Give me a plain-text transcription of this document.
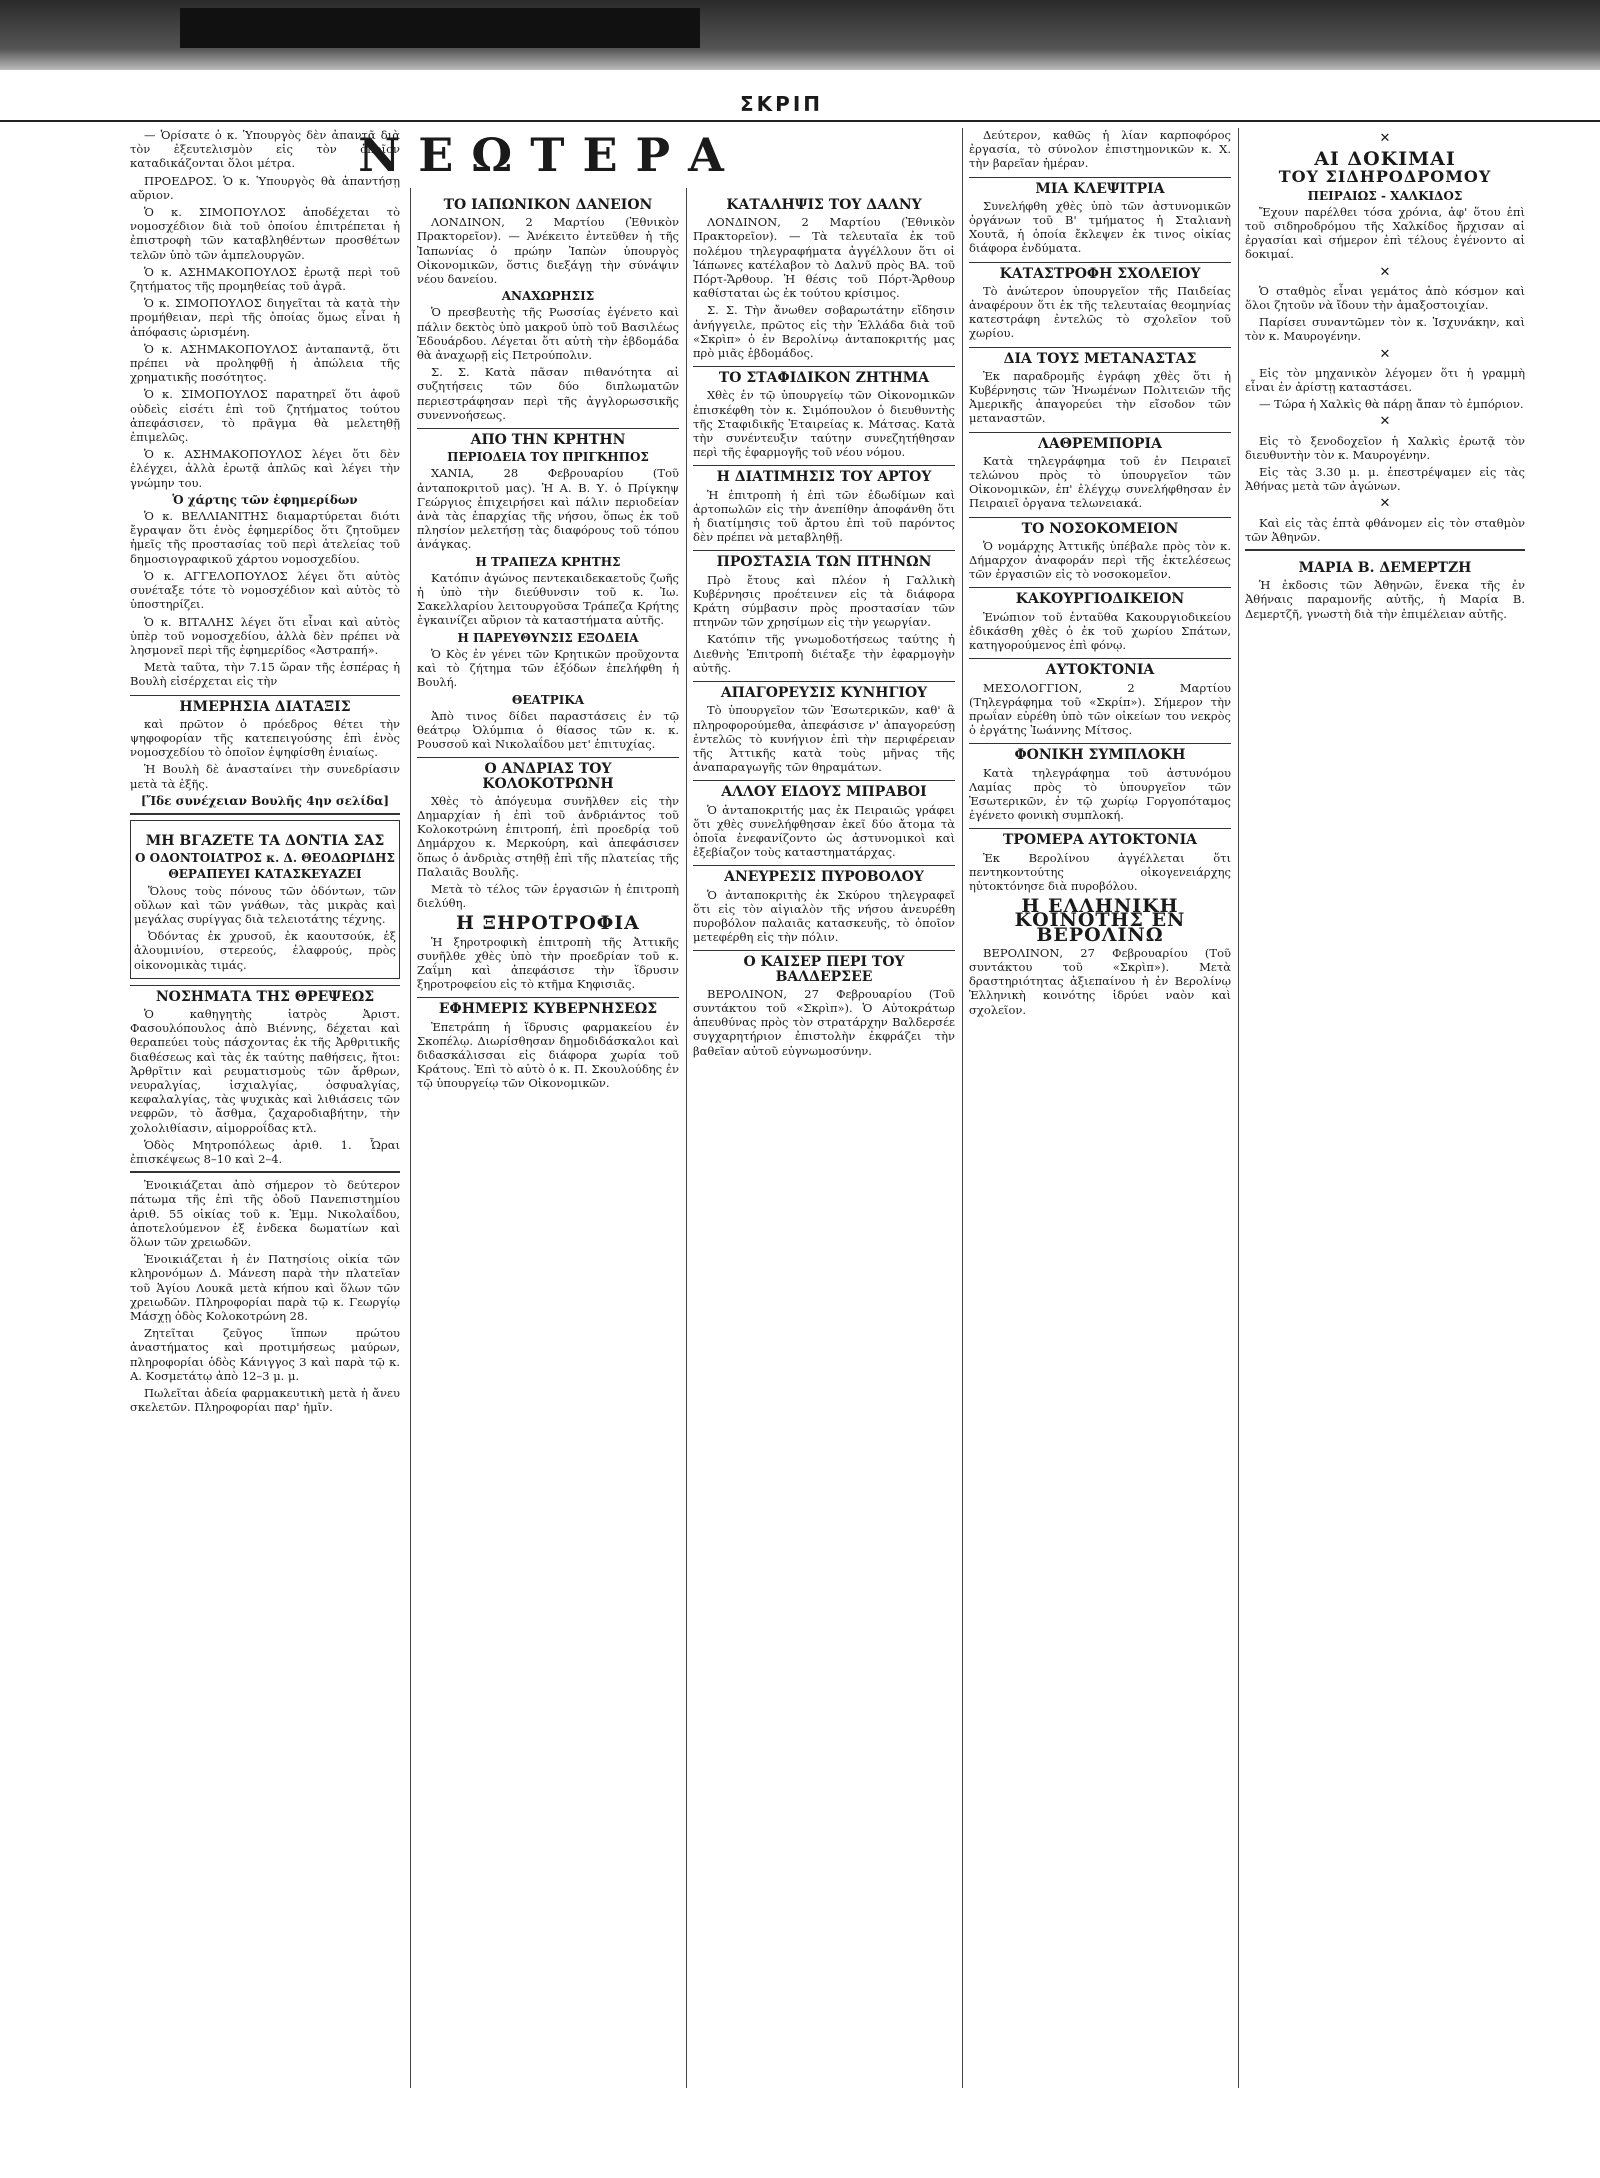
ΣΚΡΙΠ

— Ὁρίσατε ὁ κ. Ὑπουργὸς δὲν ἀπαντᾷ διὰ τὸν ἐξευτελισμὸν εἰς τὸν ὁποῖον καταδικάζονται ὅλοι μέτρα.

ΠΡΟΕΔΡΟΣ. Ὁ κ. Ὑπουργὸς θὰ ἀπαντήσῃ αὔριον.

Ὁ κ. ΣΙΜΟΠΟΥΛΟΣ ἀποδέχεται τὸ νομοσχέδιον διὰ τοῦ ὁποίου ἐπιτρέπεται ἡ ἐπιστροφὴ τῶν καταβληθέντων προσθέτων τελῶν ὑπὸ τῶν ἀμπελουργῶν.

Ὁ κ. ΑΣΗΜΑΚΟΠΟΥΛΟΣ ἐρωτᾷ περὶ τοῦ ζητήματος τῆς προμηθείας τοῦ ἀγρᾶ.

Ὁ κ. ΣΙΜΟΠΟΥΛΟΣ διηγεῖται τὰ κατὰ τὴν προμήθειαν, περὶ τῆς ὁποίας ὅμως εἶναι ἡ ἀπόφασις ὡρισμένη.

Ὁ κ. ΑΣΗΜΑΚΟΠΟΥΛΟΣ ἀνταπαντᾷ, ὅτι πρέπει νὰ προληφθῇ ἡ ἀπώλεια τῆς χρηματικῆς ποσότητος.

Ὁ κ. ΣΙΜΟΠΟΥΛΟΣ παρατηρεῖ ὅτι ἀφοῦ οὐδεὶς εἰσέτι ἐπὶ τοῦ ζητήματος τούτου ἀπεφάσισεν, τὸ πρᾶγμα θὰ μελετηθῇ ἐπιμελῶς.

Ὁ κ. ΑΣΗΜΑΚΟΠΟΥΛΟΣ λέγει ὅτι δὲν ἐλέγχει, ἀλλὰ ἐρωτᾷ ἁπλῶς καὶ λέγει τὴν γνώμην του.

Ὁ χάρτης τῶν ἐφημερίδων

Ὁ κ. ΒΕΛΛΙΑΝΙΤΗΣ διαμαρτύρεται διότι ἔγραψαν ὅτι ἑνὸς ἐφημερίδος ὅτι ζητοῦμεν ἡμεῖς τῆς προστασίας τοῦ περὶ ἀτελείας τοῦ δημοσιογραφικοῦ χάρτου νομοσχεδίου.

Ὁ κ. ΑΓΓΕΛΟΠΟΥΛΟΣ λέγει ὅτι αὐτὸς συνέταξε τότε τὸ νομοσχέδιον καὶ αὐτὸς τὸ ὑποστηρίζει.

Ὁ κ. ΒΙΤΑΛΗΣ λέγει ὅτι εἶναι καὶ αὐτὸς ὑπὲρ τοῦ νομοσχεδίου, ἀλλὰ δὲν πρέπει νὰ λησμονεῖ περὶ τῆς ἐφημερίδος «Ἀστραπή».

Μετὰ ταῦτα, τὴν 7.15 ὥραν τῆς ἑσπέρας ἡ Βουλὴ εἰσέρχεται εἰς τὴν

ΗΜΕΡΗΣΙΑ ΔΙΑΤΑΞΙΣ

καὶ πρῶτον ὁ πρόεδρος θέτει τὴν ψηφοφορίαν τῆς κατεπειγούσης ἐπὶ ἑνὸς νομοσχεδίου τὸ ὁποῖον ἐψηφίσθη ἐνιαίως.

Ἡ Βουλὴ δὲ ἀνασταίνει τὴν συνεδρίασιν μετὰ τὰ ἐξῆς.

[Ἴδε συνέχειαν Βουλῆς 4ην σελίδα]
ΜΗ ΒΓΑΖΕΤΕ ΤΑ ΔΟΝΤΙΑ ΣΑΣ
Ο ΟΔΟΝΤΟΙΑΤΡΟΣ κ. Δ. ΘΕΟΔΩΡΙΔΗΣ
ΘΕΡΑΠΕΥΕΙ ΚΑΤΑΣΚΕΥΑΖΕΙ

Ὅλους τοὺς πόνους τῶν ὀδόντων, τῶν οὔλων καὶ τῶν γνάθων, τὰς μικρὰς καὶ μεγάλας συρίγγας διὰ τελειοτάτης τέχνης.

Ὀδόντας ἐκ χρυσοῦ, ἐκ καουτσούκ, ἐξ ἀλουμινίου, στερεούς, ἐλαφρούς, πρὸς οἰκονομικὰς τιμάς.

ΝΟΣΗΜΑΤΑ ΤΗΣ ΘΡΕΨΕΩΣ

Ὁ καθηγητὴς ἰατρὸς Ἀριστ. Φασουλόπουλος ἀπὸ Βιέννης, δέχεται καὶ θεραπεύει τοὺς πάσχοντας ἐκ τῆς Ἀρθριτικῆς διαθέσεως καὶ τὰς ἐκ ταύτης παθήσεις, ἤτοι: Ἀρθρῖτιν καὶ ρευματισμοὺς τῶν ἄρθρων, νευραλγίας, ἰσχιαλγίας, ὀσφυαλγίας, κεφαλαλγίας, τὰς ψυχικὰς καὶ λιθιάσεις τῶν νεφρῶν, τὸ ἄσθμα, ζαχαροδιαβήτην, τὴν χολολιθίασιν, αἱμορροΐδας κτλ.

Ὁδὸς Μητροπόλεως ἀριθ. 1. Ὧραι ἐπισκέψεως 8–10 καὶ 2–4.

Ἐνοικιάζεται ἀπὸ σήμερον τὸ δεύτερον πάτωμα τῆς ἐπὶ τῆς ὁδοῦ Πανεπιστημίου ἀριθ. 55 οἰκίας τοῦ κ. Ἐμμ. Νικολαΐδου, ἀποτελούμενον ἐξ ἐνδεκα δωματίων καὶ ὅλων τῶν χρειωδῶν.

Ἐνοικιάζεται ἡ ἐν Πατησίοις οἰκία τῶν κληρονόμων Δ. Μάνεση παρὰ τὴν πλατεῖαν τοῦ Ἁγίου Λουκᾶ μετὰ κήπου καὶ ὅλων τῶν χρειωδῶν. Πληροφορίαι παρὰ τῷ κ. Γεωργίῳ Μάσχῃ ὁδὸς Κολοκοτρώνη 28.

Ζητεῖται ζεῦγος ἵππων πρώτου ἀναστήματος καὶ προτιμήσεως μαύρων, πληροφορίαι ὁδὸς Κάνιγγος 3 καὶ παρὰ τῷ κ. Α. Κοσμετάτῳ ἀπὸ 12–3 μ. μ.

Πωλεῖται ἀδεία φαρμακευτικὴ μετὰ ἡ ἄνευ σκελετῶν. Πληροφορίαι παρ' ἡμῖν.

ΤΟ ΙΑΠΩΝΙΚΟΝ ΔΑΝΕΙΟΝ

ΛΟΝΔΙΝΟΝ, 2 Μαρτίου (Ἐθνικὸν Πρακτορεῖον). — Ἀνέκειτο ἐντεῦθεν ἡ τῆς Ἰαπωνίας ὁ πρώην Ἰαπὼν ὑπουργὸς Οἰκονομικῶν, ὅστις διεξάγῃ τὴν σύνάψιν νέου δανείου.

ΑΝΑΧΩΡΗΣΙΣ

Ὁ πρεσβευτὴς τῆς Ρωσσίας ἐγένετο καὶ πάλιν δεκτὸς ὑπὸ μακροῦ ὑπὸ τοῦ Βασιλέως Ἐδουάρδου. Λέγεται ὅτι αὐτὴ τὴν ἑβδομάδα θὰ ἀναχωρῇ εἰς Πετρούπολιν.

Σ. Σ. Κατὰ πᾶσαν πιθανότητα αἱ συζητήσεις τῶν δύο διπλωματῶν περιεστράφησαν περὶ τῆς ἀγγλορωσσικῆς συνεννοήσεως.

ΑΠΟ ΤΗΝ ΚΡΗΤΗΝ
ΠΕΡΙΟΔΕΙΑ ΤΟΥ ΠΡΙΓΚΗΠΟΣ

ΧΑΝΙΑ, 28 Φεβρουαρίου (Τοῦ ἀνταποκριτοῦ μας). Ἡ Α. Β. Υ. ὁ Πρίγκηψ Γεώργιος ἐπιχειρήσει καὶ πάλιν περιοδείαν ἀνὰ τὰς ἐπαρχίας τῆς νήσου, ὅπως ἐκ τοῦ πλησίον μελετήσῃ τὰς διαφόρους τοῦ τόπου ἀνάγκας.

Η ΤΡΑΠΕΖΑ ΚΡΗΤΗΣ

Κατόπιν ἀγώνος πεντεκαιδεκαετοῦς ζωῆς ἡ ὑπὸ τὴν διεύθυνσιν τοῦ κ. Ἰω. Σακελλαρίου λειτουργοῦσα Τράπεζα Κρήτης ἐγκαινίζει αὔριον τὰ καταστήματα αὐτῆς.

Η ΠΑΡΕΥΘΥΝΣΙΣ ΕΞΟΔΕΙΑ

Ὁ Κὸς ἐν γένει τῶν Κρητικῶν προῦχοντα καὶ τὸ ζήτημα τῶν ἐξόδων ἐπελήφθη ἡ Βουλή.

ΘΕΑΤΡΙΚΑ

Ἀπὸ τινος δίδει παραστάσεις ἐν τῷ θεάτρῳ Ὀλύμπια ὁ θίασος τῶν κ. κ. Ρουσσοῦ καὶ Νικολαΐδου μετ' ἐπιτυχίας.

Ο ΑΝΔΡΙΑΣ ΤΟΥ ΚΟΛΟΚΟΤΡΩΝΗ

Χθὲς τὸ ἀπόγευμα συνῆλθεν εἰς τὴν Δημαρχίαν ἡ ἐπὶ τοῦ ἀνδριάντος τοῦ Κολοκοτρώνη ἐπιτροπή, ἐπὶ προεδρίᾳ τοῦ Δημάρχου κ. Μερκούρη, καὶ ἀπεφάσισεν ὅπως ὁ ἀνδριὰς στηθῇ ἐπὶ τῆς πλατείας τῆς Παλαιᾶς Βουλῆς.

Μετὰ τὸ τέλος τῶν ἐργασιῶν ἡ ἐπιτροπὴ διελύθη.

Η ΞΗΡΟΤΡΟΦΙΑ

Ἡ ξηροτροφικὴ ἐπιτροπὴ τῆς Ἀττικῆς συνῆλθε χθὲς ὑπὸ τὴν προεδρίαν τοῦ κ. Ζαΐμη καὶ ἀπεφάσισε τὴν ἵδρυσιν ξηροτροφείου εἰς τὸ κτῆμα Κηφισιᾶς.

ΕΦΗΜΕΡΙΣ ΚΥΒΕΡΝΗΣΕΩΣ

Ἐπετράπη ἡ ἵδρυσις φαρμακείου ἐν Σκοπέλῳ. Διωρίσθησαν δημοδιδάσκαλοι καὶ διδασκάλισσαι εἰς διάφορα χωρία τοῦ Κράτους. Ἐπὶ τὸ αὐτὸ ὁ κ. Π. Σκουλούδης ἐν τῷ ὑπουργείῳ τῶν Οἰκονομικῶν.

ΚΑΤΑΛΗΨΙΣ ΤΟΥ ΔΑΛΝΥ

ΛΟΝΔΙΝΟΝ, 2 Μαρτίου (Ἐθνικὸν Πρακτορεῖον). — Τὰ τελευταῖα ἐκ τοῦ πολέμου τηλεγραφήματα ἀγγέλλουν ὅτι οἱ Ἰάπωνες κατέλαβον τὸ Δαλνῦ πρὸς ΒΑ. τοῦ Πόρτ-Ἄρθουρ. Ἡ θέσις τοῦ Πόρτ-Ἄρθουρ καθίσταται ὡς ἐκ τούτου κρίσιμος.

Σ. Σ. Τὴν ἄνωθεν σοβαρωτάτην εἴδησιν ἀνήγγειλε, πρῶτος εἰς τὴν Ἑλλάδα διὰ τοῦ «Σκρὶπ» ὁ ἐν Βερολίνῳ ἀνταποκριτής μας πρὸ μιᾶς ἑβδομάδος.

ΤΟ ΣΤΑΦΙΔΙΚΟΝ ΖΗΤΗΜΑ

Χθὲς ἐν τῷ ὑπουργείῳ τῶν Οἰκονομικῶν ἐπισκέφθη τὸν κ. Σιμόπουλον ὁ διευθυντὴς τῆς Σταφιδικῆς Ἐταιρείας κ. Μάτσας. Κατὰ τὴν συνέντευξιν ταύτην συνεζητήθησαν περὶ τῆς ἐφαρμογῆς τοῦ νέου νόμου.

Η ΔΙΑΤΙΜΗΣΙΣ ΤΟΥ ΑΡΤΟΥ

Ἡ ἐπιτροπὴ ἡ ἐπὶ τῶν ἐδωδίμων καὶ ἀρτοπωλῶν εἰς τὴν ἀνεπίθην ἀποφάνθη ὅτι ἡ διατίμησις τοῦ ἄρτου ἐπὶ τοῦ παρόντος δὲν πρέπει νὰ μεταβληθῇ.

ΠΡΟΣΤΑΣΙΑ ΤΩΝ ΠΤΗΝΩΝ

Πρὸ ἔτους καὶ πλέον ἡ Γαλλικὴ Κυβέρνησις προέτεινεν εἰς τὰ διάφορα Κράτη σύμβασιν πρὸς προστασίαν τῶν πτηνῶν τῶν χρησίμων εἰς τὴν γεωργίαν.

Κατόπιν τῆς γνωμοδοτήσεως ταύτης ἡ Διεθνὴς Ἐπιτροπὴ διέταξε τὴν ἐφαρμογὴν αὐτῆς.

ΑΠΑΓΟΡΕΥΣΙΣ ΚΥΝΗΓΙΟΥ

Τὸ ὑπουργεῖον τῶν Ἐσωτερικῶν, καθ' ἃ πληροφορούμεθα, ἀπεφάσισε ν' ἀπαγορεύσῃ ἐντελῶς τὸ κυνήγιον ἐπὶ τὴν περιφέρειαν τῆς Ἀττικῆς κατὰ τοὺς μῆνας τῆς ἀναπαραγωγῆς τῶν θηραμάτων.

ΑΛΛΟΥ ΕΙΔΟΥΣ ΜΠΡΑΒΟΙ

Ὁ ἀνταποκριτής μας ἐκ Πειραιῶς γράφει ὅτι χθὲς συνελήφθησαν ἐκεῖ δύο ἄτομα τὰ ὁποῖα ἐνεφανίζοντο ὡς ἀστυνομικοὶ καὶ ἐξεβίαζον τοὺς καταστηματάρχας.

ΑΝΕΥΡΕΣΙΣ ΠΥΡΟΒΟΛΟΥ

Ὁ ἀνταποκριτὴς ἐκ Σκύρου τηλεγραφεῖ ὅτι εἰς τὸν αἰγιαλὸν τῆς νήσου ἀνευρέθη πυροβόλον παλαιᾶς κατασκευῆς, τὸ ὁποῖον μετεφέρθη εἰς τὴν πόλιν.

Ο ΚΑΙΣΕΡ ΠΕΡΙ ΤΟΥ ΒΑΛΔΕΡΣΕΕ

ΒΕΡΟΛΙΝΟΝ, 27 Φεβρουαρίου (Τοῦ συντάκτου τοῦ «Σκρὶπ»). Ὁ Αὐτοκράτωρ ἀπευθύνας πρὸς τὸν στρατάρχην Βαλδερσέε συγχαρητήριον ἐπιστολὴν ἐκφράζει τὴν βαθεῖαν αὐτοῦ εὐγνωμοσύνην.

Δεύτερον, καθῶς ἡ λίαν καρποφόρος ἐργασία, τὸ σύνολον ἐπιστημονικῶν κ. Χ. τὴν βαρεῖαν ἡμέραν.

ΜΙΑ ΚΛΕΨΙΤΡΙΑ

Συνελήφθη χθὲς ὑπὸ τῶν ἀστυνομικῶν ὀργάνων τοῦ Β' τμήματος ἡ Σταλιανὴ Χουτᾶ, ἡ ὁποία ἔκλεψεν ἐκ τινος οἰκίας διάφορα ἐνδύματα.

ΚΑΤΑΣΤΡΟΦΗ ΣΧΟΛΕΙΟΥ

Τὸ ἀνώτερον ὑπουργεῖον τῆς Παιδείας ἀναφέρουν ὅτι ἐκ τῆς τελευταίας θεομηνίας κατεστράφη ἐντελῶς τὸ σχολεῖον τοῦ χωρίου.

ΔΙΑ ΤΟΥΣ ΜΕΤΑΝΑΣΤΑΣ

Ἐκ παραδρομῆς ἐγράφη χθὲς ὅτι ἡ Κυβέρνησις τῶν Ἡνωμένων Πολιτειῶν τῆς Ἀμερικῆς ἀπαγορεύει τὴν εἴσοδον τῶν μεταναστῶν.

ΛΑΘΡΕΜΠΟΡΙΑ

Κατὰ τηλεγράφημα τοῦ ἐν Πειραιεῖ τελώνου πρὸς τὸ ὑπουργεῖον τῶν Οἰκονομικῶν, ἐπ' ἐλέγχῳ συνελήφθησαν ἐν Πειραιεῖ ὀργανα τελωνειακά.

ΤΟ ΝΟΣΟΚΟΜΕΙΟΝ

Ὁ νομάρχης Ἀττικῆς ὑπέβαλε πρὸς τὸν κ. Δήμαρχον ἀναφοράν περὶ τῆς ἐκτελέσεως τῶν ἐργασιῶν εἰς τὸ νοσοκομεῖον.

ΚΑΚΟΥΡΓΙΟΔΙΚΕΙΟΝ

Ἐνώπιον τοῦ ἐνταῦθα Κακουργιοδικείου ἐδικάσθη χθὲς ὁ ἐκ τοῦ χωρίου Σπάτων, κατηγορούμενος ἐπὶ φόνῳ.

ΑΥΤΟΚΤΟΝΙΑ

ΜΕΣΟΛΟΓΓΙΟΝ, 2 Μαρτίου (Τηλεγράφημα τοῦ «Σκρίπ»). Σήμερον τὴν πρωΐαν εὑρέθη ὑπὸ τῶν οἰκείων του νεκρὸς ὁ ἐργάτης Ἰωάννης Μίτσος.

ΦΟΝΙΚΗ ΣΥΜΠΛΟΚΗ

Κατὰ τηλεγράφημα τοῦ ἀστυνόμου Λαμίας πρὸς τὸ ὑπουργεῖον τῶν Ἐσωτερικῶν, ἐν τῷ χωρίῳ Γοργοπόταμος ἐγένετο φονικὴ συμπλοκή.

ΤΡΟΜΕΡΑ ΑΥΤΟΚΤΟΝΙΑ

Ἐκ Βερολίνου ἀγγέλλεται ὅτι πεντηκοντούτης οἰκογενειάρχης ηὐτοκτόνησε διὰ πυροβόλου.

Η ΕΛΛΗΝΙΚΗ ΚΟΙΝΟΤΗΣ ΕΝ ΒΕΡΟΛΙΝΩ

ΒΕΡΟΛΙΝΟΝ, 27 Φεβρουαρίου (Τοῦ συντάκτου τοῦ «Σκρὶπ»). Μετὰ δραστηριότητας ἀξιεπαίνου ἡ ἐν Βερολίνῳ Ἑλληνικὴ κοινότης ἱδρύει ναὸν καὶ σχολεῖον.

✕
ΑΙ ΔΟΚΙΜΑΙ
ΤΟΥ ΣΙΔΗΡΟΔΡΟΜΟΥ
ΠΕΙΡΑΙΩΣ - ΧΑΛΚΙΔΟΣ

Ἔχουν παρέλθει τόσα χρόνια, ἀφ' ὅτου ἐπὶ τοῦ σιδηροδρόμου τῆς Χαλκίδος ἤρχισαν αἱ ἐργασίαι καὶ σήμερον ἐπὶ τέλους ἐγένοντο αἱ δοκιμαί.

✕

Ὁ σταθμὸς εἶναι γεμάτος ἀπὸ κόσμον καὶ ὅλοι ζητοῦν νὰ ἴδουν τὴν ἁμαξοστοιχίαν.

Παρίσει συναντῶμεν τὸν κ. Ἰσχυνάκην, καὶ τὸν κ. Μαυρογένην.

✕

Εἰς τὸν μηχανικὸν λέγομεν ὅτι ἡ γραμμὴ εἶναι ἐν ἀρίστῃ καταστάσει.

— Τώρα ἡ Χαλκὶς θὰ πάρῃ ἄπαν τὸ ἐμπόριον.

✕

Εἰς τὸ ξενοδοχεῖον ἡ Χαλκὶς ἐρωτᾷ τὸν διευθυντὴν τὸν κ. Μαυρογένην.

Εἰς τὰς 3.30 μ. μ. ἐπεστρέψαμεν εἰς τὰς Ἀθήνας μετὰ τῶν ἀγώνων.

✕

Καὶ εἰς τὰς ἐπτὰ φθάνομεν εἰς τὸν σταθμὸν τῶν Ἀθηνῶν.

ΜΑΡΙΑ Β. ΔΕΜΕΡΤΖΗ

Ἡ ἐκδοσις τῶν Ἀθηνῶν, ἕνεκα τῆς ἐν Ἀθήναις παραμονῆς αὐτῆς, ἡ Μαρία Β. Δεμερτζῆ, γνωστὴ διὰ τὴν ἐπιμέλειαν αὐτῆς.

ΝΕΩΤΕΡΑ
